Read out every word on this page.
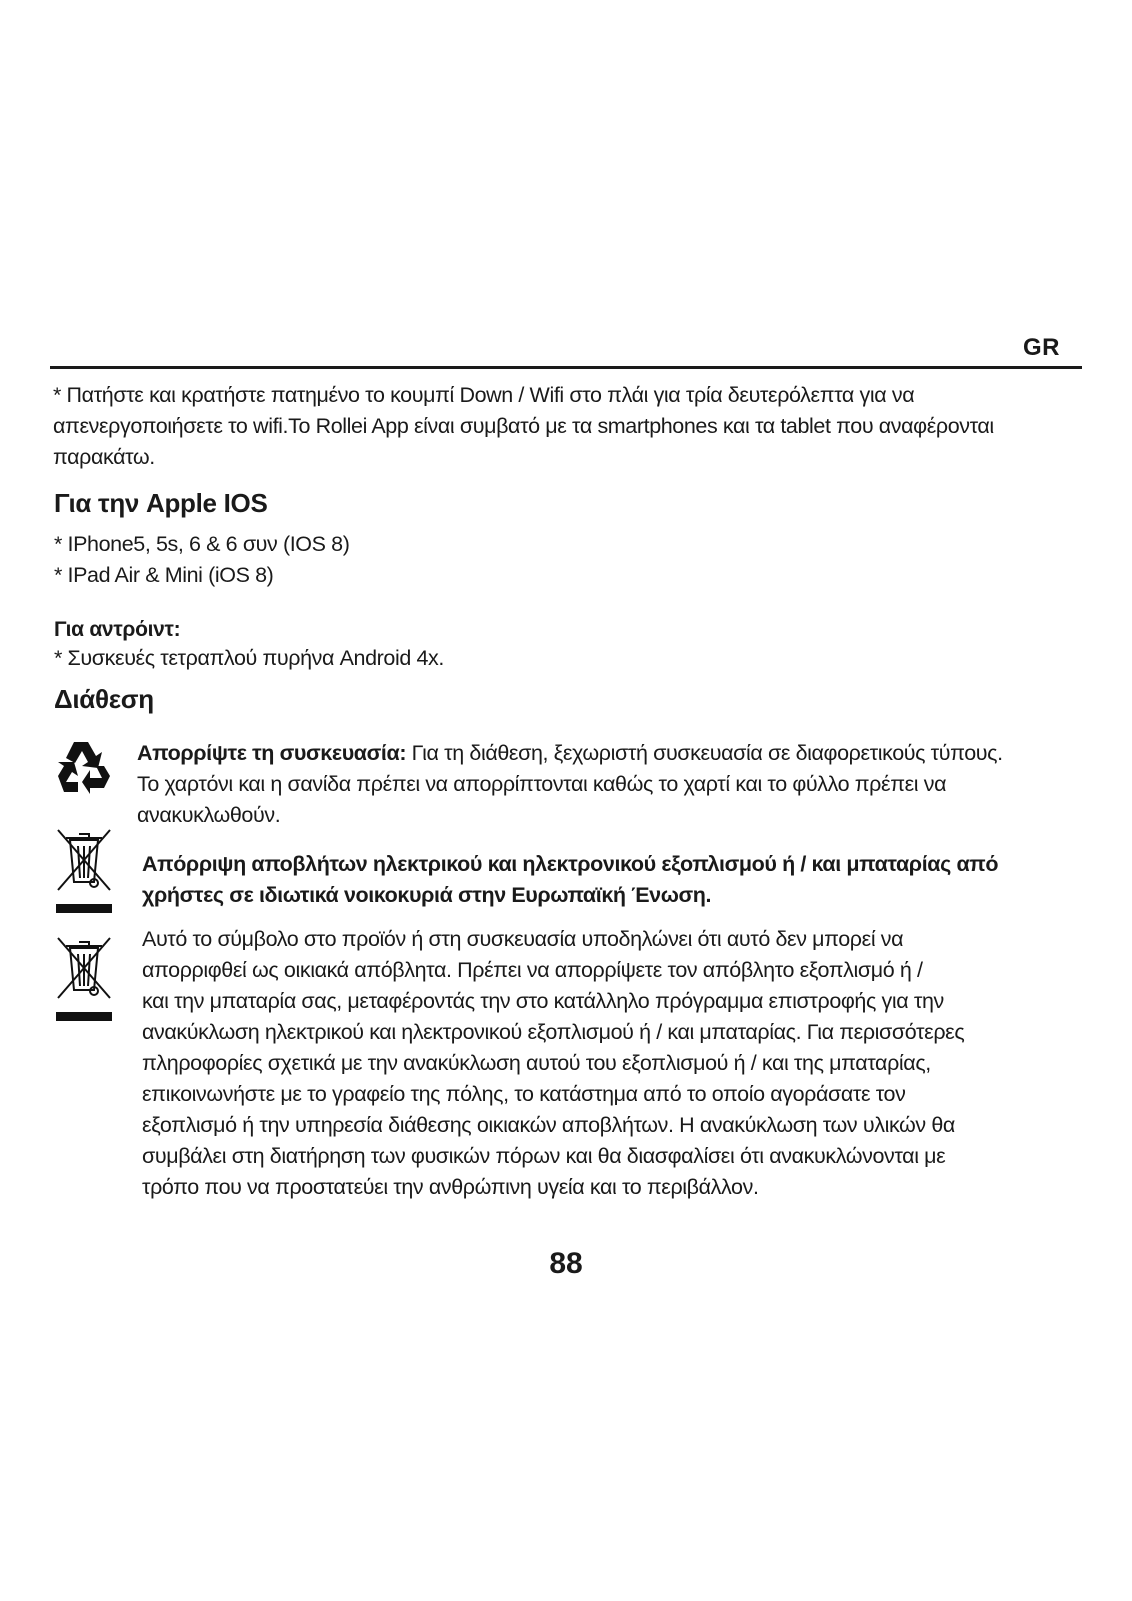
GR
* Πατήστε και κρατήστε πατημένο το κουμπί Down / Wifi στο πλάι για τρία δευτερόλεπτα για να
απενεργοποιήσετε το wifi.Το Rollei App είναι συμβατό με τα smartphones και τα tablet που αναφέρονται
παρακάτω.
Για την Apple IOS
* IPhone5, 5s, 6 & 6 συν (IOS 8)
* IPad Air & Mini (iOS 8)
Για αντρόιντ:
* Συσκευές τετραπλού πυρήνα Android 4x.
Διάθεση
Απορρίψτε τη συσκευασία: Για τη διάθεση, ξεχωριστή συσκευασία σε διαφορετικούς τύπους.
Το χαρτόνι και η σανίδα πρέπει να απορρίπτονται καθώς το χαρτί και το φύλλο πρέπει να
ανακυκλωθούν.
Απόρριψη αποβλήτων ηλεκτρικού και ηλεκτρονικού εξοπλισμού ή / και μπαταρίας από
χρήστες σε ιδιωτικά νοικοκυριά στην Ευρωπαϊκή Ένωση.
Αυτό το σύμβολο στο προϊόν ή στη συσκευασία υποδηλώνει ότι αυτό δεν μπορεί να
απορριφθεί ως οικιακά απόβλητα. Πρέπει να απορρίψετε τον απόβλητο εξοπλισμό ή /
και την μπαταρία σας, μεταφέροντάς την στο κατάλληλο πρόγραμμα επιστροφής για την
ανακύκλωση ηλεκτρικού και ηλεκτρονικού εξοπλισμού ή / και μπαταρίας. Για περισσότερες
πληροφορίες σχετικά με την ανακύκλωση αυτού του εξοπλισμού ή / και της μπαταρίας,
επικοινωνήστε με το γραφείο της πόλης, το κατάστημα από το οποίο αγοράσατε τον
εξοπλισμό ή την υπηρεσία διάθεσης οικιακών αποβλήτων. Η ανακύκλωση των υλικών θα
συμβάλει στη διατήρηση των φυσικών πόρων και θα διασφαλίσει ότι ανακυκλώνονται με
τρόπο που να προστατεύει την ανθρώπινη υγεία και το περιβάλλον.
88
